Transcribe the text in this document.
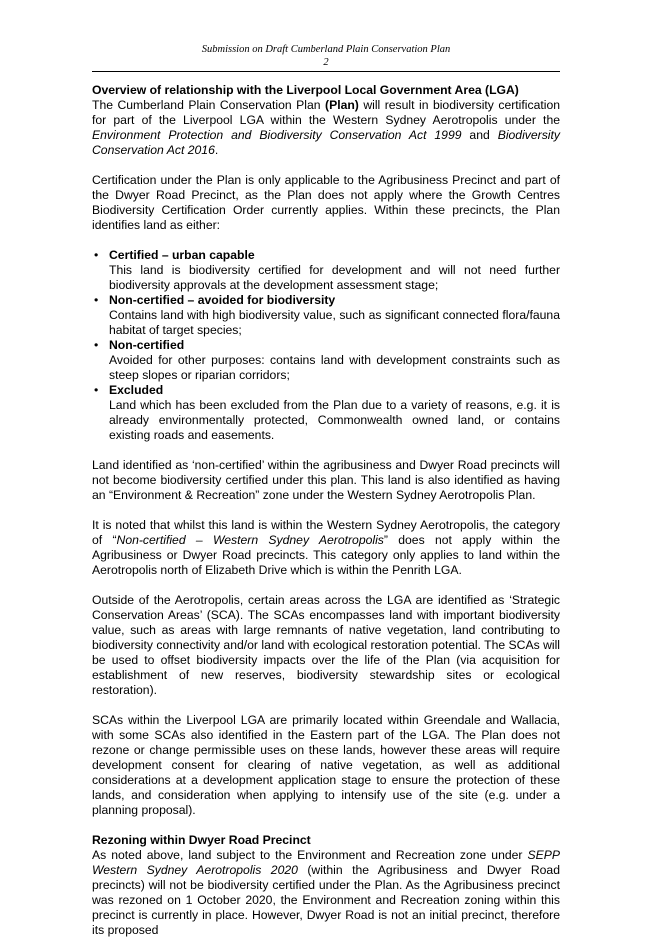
Submission on Draft Cumberland Plain Conservation Plan
2
Overview of relationship with the Liverpool Local Government Area (LGA)

The Cumberland Plain Conservation Plan (Plan) will result in biodiversity certification for part of the Liverpool LGA within the Western Sydney Aerotropolis under the Environment Protection and Biodiversity Conservation Act 1999 and Biodiversity Conservation Act 2016.

Certification under the Plan is only applicable to the Agribusiness Precinct and part of the Dwyer Road Precinct, as the Plan does not apply where the Growth Centres Biodiversity Certification Order currently applies. Within these precincts, the Plan identifies land as either:

• Certified – urban capable
This land is biodiversity certified for development and will not need further biodiversity approvals at the development assessment stage;
• Non-certified – avoided for biodiversity
Contains land with high biodiversity value, such as significant connected flora/fauna habitat of target species;
• Non-certified
Avoided for other purposes: contains land with development constraints such as steep slopes or riparian corridors;
• Excluded
Land which has been excluded from the Plan due to a variety of reasons, e.g. it is already environmentally protected, Commonwealth owned land, or contains existing roads and easements.

Land identified as ‘non-certified’ within the agribusiness and Dwyer Road precincts will not become biodiversity certified under this plan. This land is also identified as having an “Environment & Recreation” zone under the Western Sydney Aerotropolis Plan.

It is noted that whilst this land is within the Western Sydney Aerotropolis, the category of “Non-certified – Western Sydney Aerotropolis” does not apply within the Agribusiness or Dwyer Road precincts. This category only applies to land within the Aerotropolis north of Elizabeth Drive which is within the Penrith LGA.

Outside of the Aerotropolis, certain areas across the LGA are identified as ‘Strategic Conservation Areas’ (SCA). The SCAs encompasses land with important biodiversity value, such as areas with large remnants of native vegetation, land contributing to biodiversity connectivity and/or land with ecological restoration potential. The SCAs will be used to offset biodiversity impacts over the life of the Plan (via acquisition for establishment of new reserves, biodiversity stewardship sites or ecological restoration).

SCAs within the Liverpool LGA are primarily located within Greendale and Wallacia, with some SCAs also identified in the Eastern part of the LGA. The Plan does not rezone or change permissible uses on these lands, however these areas will require development consent for clearing of native vegetation, as well as additional considerations at a development application stage to ensure the protection of these lands, and consideration when applying to intensify use of the site (e.g. under a planning proposal).

Rezoning within Dwyer Road Precinct

As noted above, land subject to the Environment and Recreation zone under SEPP Western Sydney Aerotropolis 2020 (within the Agribusiness and Dwyer Road precincts) will not be biodiversity certified under the Plan. As the Agribusiness precinct was rezoned on 1 October 2020, the Environment and Recreation zoning within this precinct is currently in place. However, Dwyer Road is not an initial precinct, therefore its proposed
